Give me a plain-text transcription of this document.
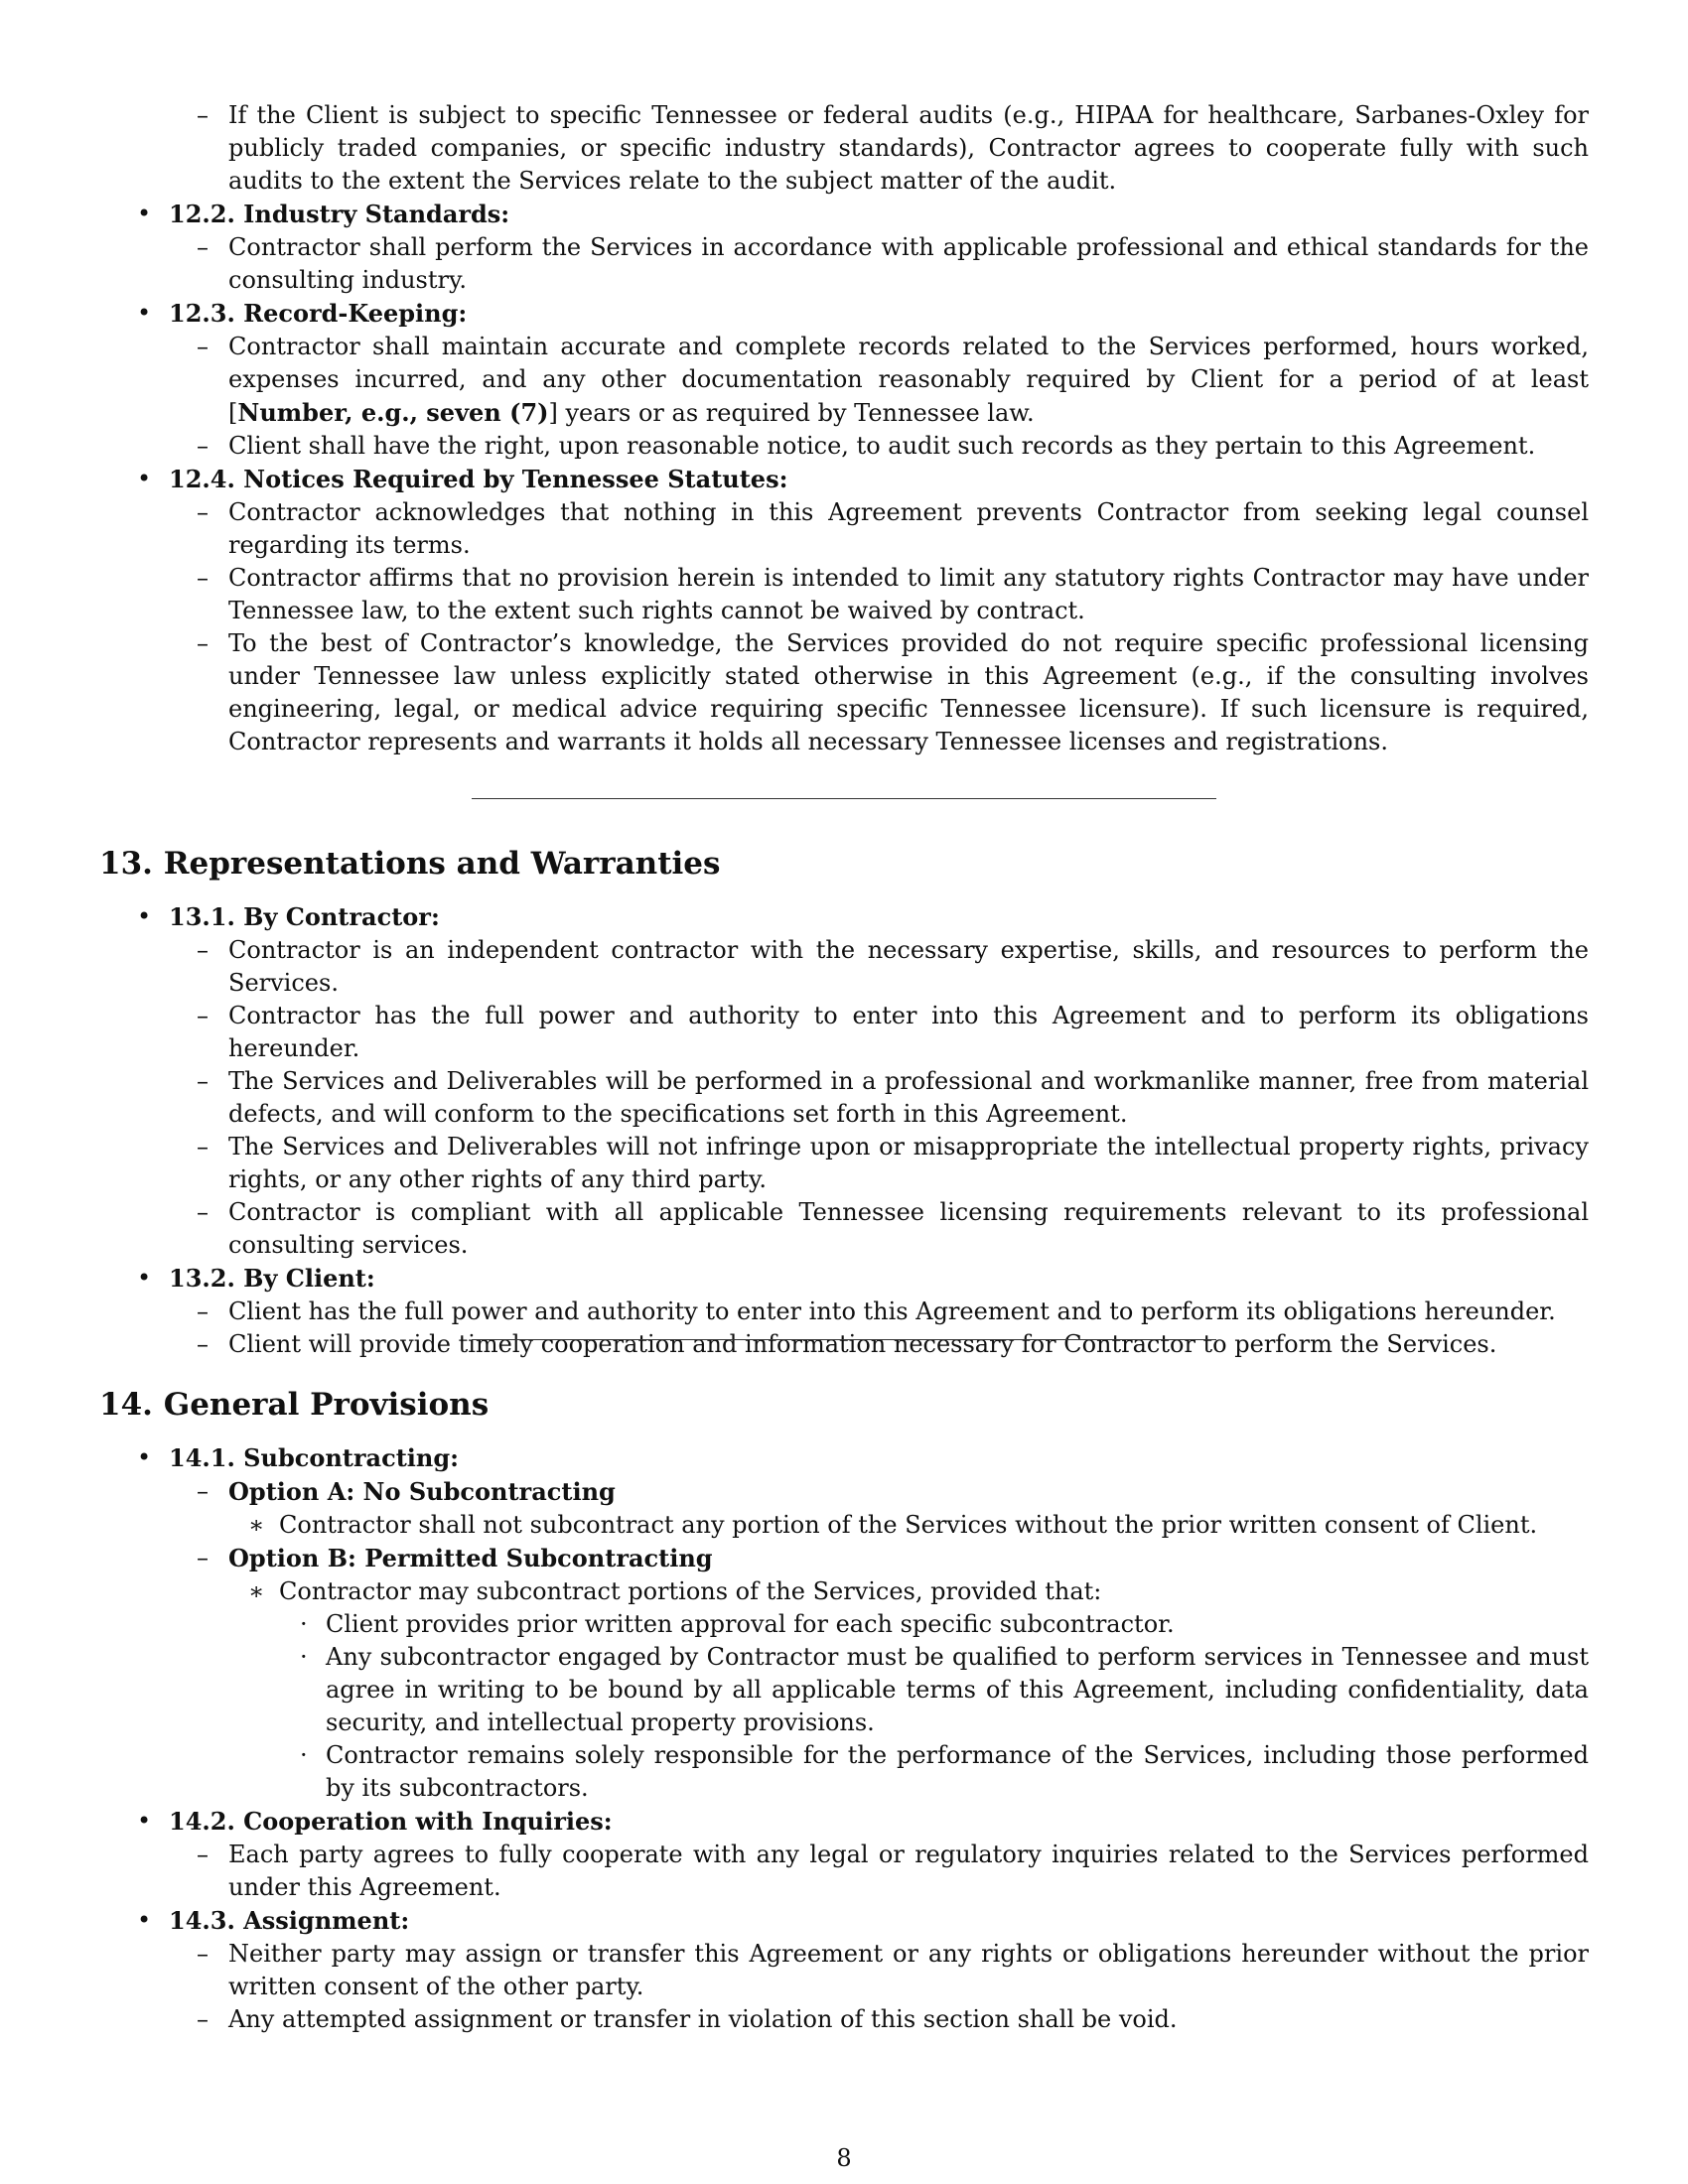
– If the Client is subject to specific Tennessee or federal audits (e.g., HIPAA for healthcare, Sarbanes-Oxley for publicly traded companies, or specific industry standards), Contractor agrees to cooperate fully with such audits to the extent the Services relate to the subject matter of the audit.
• 12.2. Industry Standards:
– Contractor shall perform the Services in accordance with applicable professional and ethical standards for the consulting industry.
• 12.3. Record-Keeping:
– Contractor shall maintain accurate and complete records related to the Services performed, hours worked, expenses incurred, and any other documentation reasonably required by Client for a period of at least [Number, e.g., seven (7)] years or as required by Tennessee law.
– Client shall have the right, upon reasonable notice, to audit such records as they pertain to this Agreement.
• 12.4. Notices Required by Tennessee Statutes:
– Contractor acknowledges that nothing in this Agreement prevents Contractor from seeking legal counsel regarding its terms.
– Contractor affirms that no provision herein is intended to limit any statutory rights Contractor may have under Tennessee law, to the extent such rights cannot be waived by contract.
– To the best of Contractor’s knowledge, the Services provided do not require specific professional licensing under Tennessee law unless explicitly stated otherwise in this Agreement (e.g., if the consulting involves engineering, legal, or medical advice requiring specific Tennessee licensure). If such licensure is required, Contractor represents and warrants it holds all necessary Tennessee licenses and registrations.
13. Representations and Warranties
• 13.1. By Contractor:
– Contractor is an independent contractor with the necessary expertise, skills, and resources to perform the Services.
– Contractor has the full power and authority to enter into this Agreement and to perform its obligations hereunder.
– The Services and Deliverables will be performed in a professional and workmanlike manner, free from material defects, and will conform to the specifications set forth in this Agreement.
– The Services and Deliverables will not infringe upon or misappropriate the intellectual property rights, privacy rights, or any other rights of any third party.
– Contractor is compliant with all applicable Tennessee licensing requirements relevant to its professional consulting services.
• 13.2. By Client:
– Client has the full power and authority to enter into this Agreement and to perform its obligations hereunder.
– Client will provide timely cooperation and information necessary for Contractor to perform the Services.
14. General Provisions
• 14.1. Subcontracting:
– Option A: No Subcontracting
∗ Contractor shall not subcontract any portion of the Services without the prior written consent of Client.
– Option B: Permitted Subcontracting
∗ Contractor may subcontract portions of the Services, provided that:
· Client provides prior written approval for each specific subcontractor.
· Any subcontractor engaged by Contractor must be qualified to perform services in Tennessee and must agree in writing to be bound by all applicable terms of this Agreement, including confidentiality, data security, and intellectual property provisions.
· Contractor remains solely responsible for the performance of the Services, including those performed by its subcontractors.
• 14.2. Cooperation with Inquiries:
– Each party agrees to fully cooperate with any legal or regulatory inquiries related to the Services performed under this Agreement.
• 14.3. Assignment:
– Neither party may assign or transfer this Agreement or any rights or obligations hereunder without the prior written consent of the other party.
– Any attempted assignment or transfer in violation of this section shall be void.
8
